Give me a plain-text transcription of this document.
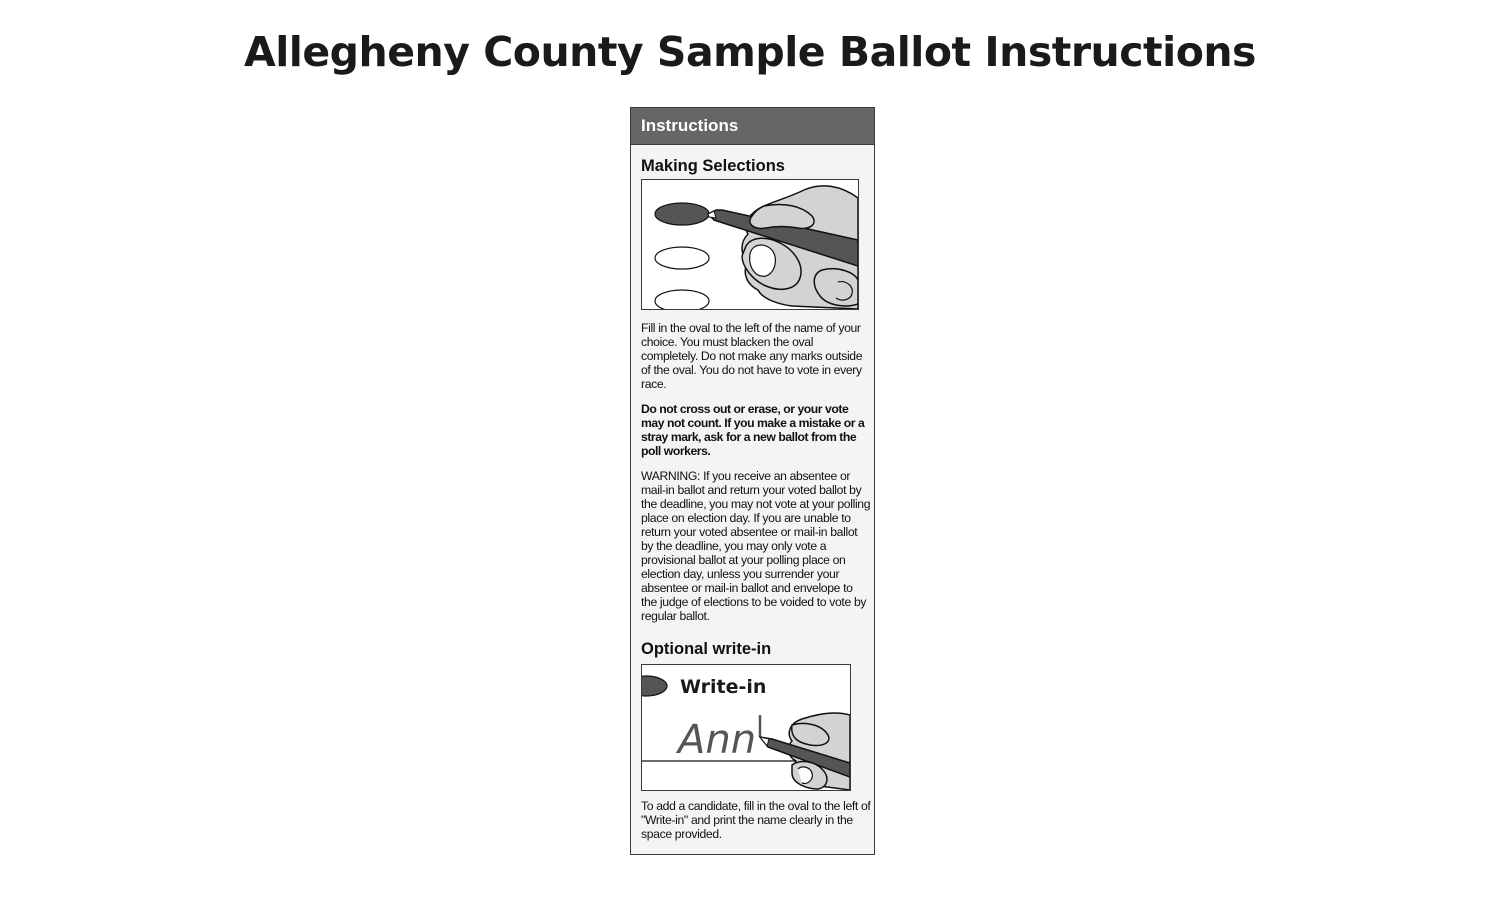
Allegheny County Sample Ballot Instructions
Instructions
Making Selections

Fill in the oval to the left of the name of your choice. You must blacken the oval completely. Do not make any marks outside of the oval. You do not have to vote in every race.

Do not cross out or erase, or your vote may not count. If you make a mistake or a stray mark, ask for a new ballot from the poll workers.

WARNING: If you receive an absentee or mail-in ballot and return your voted ballot by the deadline, you may not vote at your polling place on election day. If you are unable to return your voted absentee or mail-in ballot by the deadline, you may only vote a provisional ballot at your polling place on election day, unless you surrender your absentee or mail-in ballot and envelope to the judge of elections to be voided to vote by regular ballot.

Optional write-in
Write-in
Ann

To add a candidate, fill in the oval to the left of "Write-in" and print the name clearly in the space provided.
